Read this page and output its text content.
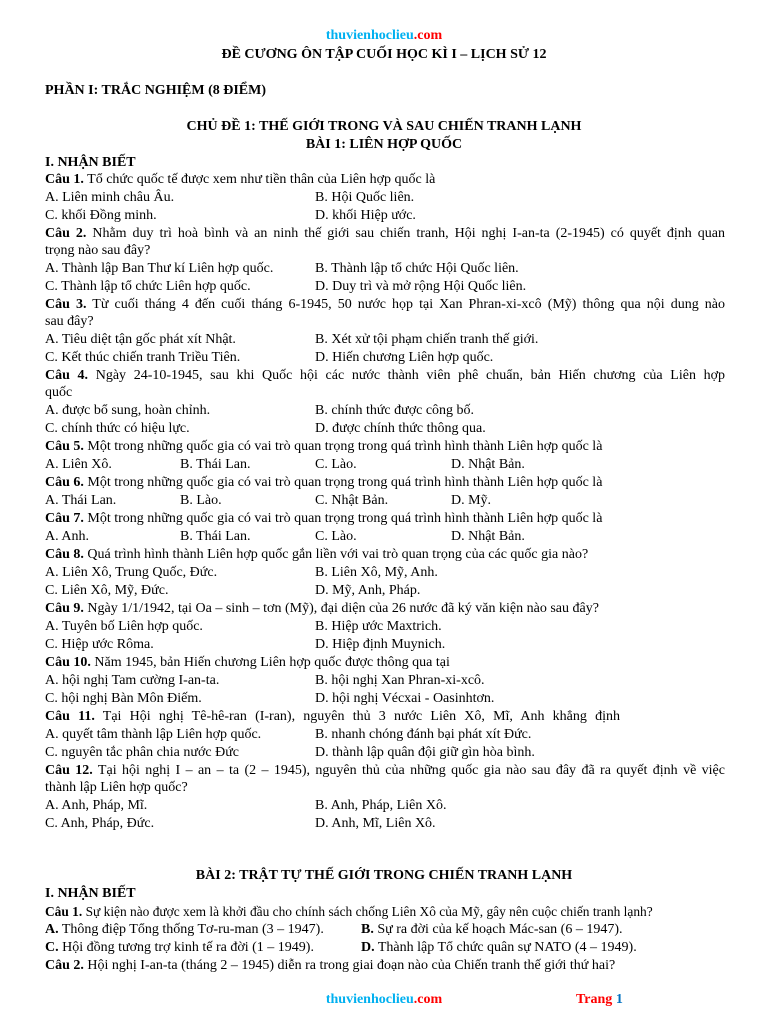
thuvienhoclieu.com
ĐỀ CƯƠNG ÔN TẬP CUỐI HỌC KÌ I – LỊCH SỬ 12
PHẦN I: TRẮC NGHIỆM (8 ĐIỂM)
CHỦ ĐỀ 1: THẾ GIỚI TRONG VÀ SAU CHIẾN TRANH LẠNH
BÀI 1: LIÊN HỢP QUỐC
I. NHẬN BIẾT
Câu 1. Tổ chức quốc tế được xem như tiền thân của Liên hợp quốc là
A. Liên minh châu Âu.	B. Hội Quốc liên.
C. khối Đồng minh.	D. khối Hiệp ước.
Câu 2. Nhằm duy trì hoà bình và an ninh thế giới sau chiến tranh, Hội nghị I-an-ta (2-1945) có quyết định quan
trọng nào sau đây?
A. Thành lập Ban Thư kí Liên hợp quốc.	B. Thành lập tổ chức Hội Quốc liên.
C. Thành lập tổ chức Liên hợp quốc.	D. Duy trì và mở rộng Hội Quốc liên.
Câu 3. Từ cuối tháng 4 đến cuối tháng 6-1945, 50 nước họp tại Xan Phran-xi-xcô (Mỹ) thông qua nội dung nào
sau đây?
A. Tiêu diệt tận gốc phát xít Nhật.	B. Xét xử tội phạm chiến tranh thế giới.
C. Kết thúc chiến tranh Triều Tiên.	D. Hiến chương Liên hợp quốc.
Câu 4. Ngày 24-10-1945, sau khi Quốc hội các nước thành viên phê chuẩn, bản Hiến chương của Liên hợp
quốc
A. được bổ sung, hoàn chỉnh.	B. chính thức được công bố.
C. chính thức có hiệu lực.	D. được chính thức thông qua.
Câu 5. Một trong những quốc gia có vai trò quan trọng trong quá trình hình thành Liên hợp quốc là
A. Liên Xô.	B. Thái Lan.	C. Lào.	D. Nhật Bản.
Câu 6. Một trong những quốc gia có vai trò quan trọng trong quá trình hình thành Liên hợp quốc là
A. Thái Lan.	B. Lào.	C. Nhật Bản.	D. Mỹ.
Câu 7. Một trong những quốc gia có vai trò quan trọng trong quá trình hình thành Liên hợp quốc là
A. Anh.	B. Thái Lan.	C. Lào.	D. Nhật Bản.
Câu 8. Quá trình hình thành Liên hợp quốc gắn liền với vai trò quan trọng của các quốc gia nào?
A. Liên Xô, Trung Quốc, Đức.	B. Liên Xô, Mỹ, Anh.
C. Liên Xô, Mỹ, Đức.	D. Mỹ, Anh, Pháp.
Câu 9. Ngày 1/1/1942, tại Oa – sinh – tơn (Mỹ), đại diện của 26 nước đã ký văn kiện nào sau đây?
A. Tuyên bố Liên hợp quốc.	B. Hiệp ước Maxtrich.
C. Hiệp ước Rôma.	D. Hiệp định Muynich.
Câu 10. Năm 1945, bản Hiến chương Liên hợp quốc được thông qua tại
A. hội nghị Tam cường I-an-ta.	B. hội nghị Xan Phran-xi-xcô.
C. hội nghị Bàn Môn Điếm.	D. hội nghị Vécxai - Oasinhtơn.
Câu 11. Tại Hội nghị Tê-hê-ran (I-ran), nguyên thủ 3 nước Liên Xô, Mĩ, Anh khẳng định
A. quyết tâm thành lập Liên hợp quốc.	B. nhanh chóng đánh bại phát xít Đức.
C. nguyên tắc phân chia nước Đức	D. thành lập quân đội giữ gìn hòa bình.
Câu 12. Tại hội nghị I – an – ta (2 – 1945), nguyên thủ của những quốc gia nào sau đây đã ra quyết định về việc
thành lập Liên hợp quốc?
A. Anh, Pháp, Mĩ.	B. Anh, Pháp, Liên Xô.
C. Anh, Pháp, Đức.	D. Anh, Mĩ, Liên Xô.
BÀI 2: TRẬT TỰ THẾ GIỚI TRONG CHIẾN TRANH LẠNH
I. NHẬN BIẾT
Câu 1. Sự kiện nào được xem là khởi đầu cho chính sách chống Liên Xô của Mỹ, gây nên cuộc chiến tranh lạnh?
A. Thông điệp Tổng thống Tơ-ru-man (3 – 1947).	B. Sự ra đời của kế hoạch Mác-san (6 – 1947).
C. Hội đồng tương trợ kinh tế ra đời (1 – 1949).	D. Thành lập Tổ chức quân sự NATO (4 – 1949).
Câu 2. Hội nghị I-an-ta (tháng 2 – 1945) diễn ra trong giai đoạn nào của Chiến tranh thế giới thứ hai?
thuvienhoclieu.com	Trang 1
